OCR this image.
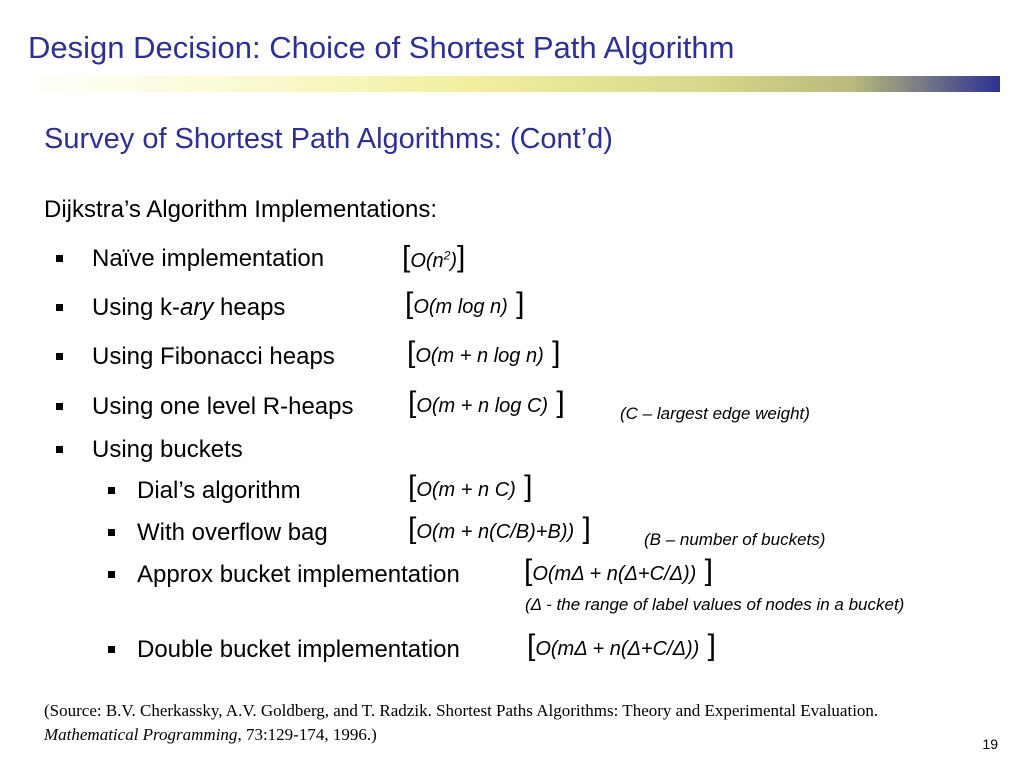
Design Decision: Choice of Shortest Path Algorithm
Survey of Shortest Path Algorithms: (Cont’d)
Dijkstra’s Algorithm Implementations:
Naïve implementation	$[O(n^2)]$
Using k-ary heaps	[O(m log n) ]
Using Fibonacci heaps [O(m + n log n) ]
Using one level R-heaps [O(m + n log C) ]	(C – largest edge weight)
Using buckets
Dial’s algorithm	[O(m + n C) ]
With overflow bag	[O(m + n(C/B)+B)) ]	(B – number of buckets)
Approx bucket implementation [O(mΔ + n(Δ+C/Δ)) ]
(Δ - the range of label values of nodes in a bucket)
Double bucket implementation [O(mΔ + n(Δ+C/Δ)) ]
(Source: B.V. Cherkassky, A.V. Goldberg, and T. Radzik. Shortest Paths Algorithms: Theory and Experimental Evaluation. Mathematical Programming, 73:129-174, 1996.)	19
